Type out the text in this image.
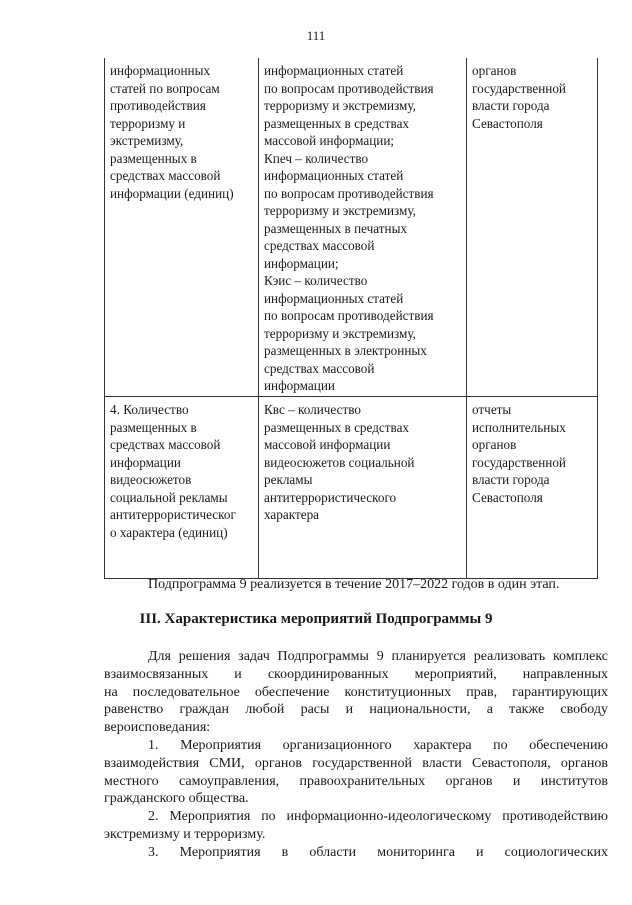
111
информационных
статей по вопросам
противодействия
терроризму и
экстремизму,
размещенных в
средствах массовой
информации (единиц)
информационных статей
по вопросам противодействия
терроризму и экстремизму,
размещенных в средствах
массовой информации;
Кпеч – количество
информационных статей
по вопросам противодействия
терроризму и экстремизму,
размещенных в печатных
средствах массовой
информации;
Кэис – количество
информационных статей
по вопросам противодействия
терроризму и экстремизму,
размещенных в электронных
средствах массовой
информации
органов
государственной
власти города
Севастополя
4. Количество
размещенных в
средствах массовой
информации
видеосюжетов
социальной рекламы
антитеррористическог
о характера (единиц)
Квс – количество
размещенных в средствах
массовой информации
видеосюжетов социальной
рекламы
антитеррористического
характера
отчеты
исполнительных
органов
государственной
власти города
Севастополя
Подпрограмма 9 реализуется в течение 2017–2022 годов в один этап.
III. Характеристика мероприятий Подпрограммы 9
Для решения задач Подпрограммы 9 планируется реализовать комплекс
взаимосвязанных и скоординированных мероприятий, направленных
на последовательное обеспечение конституционных прав, гарантирующих
равенство граждан любой расы и национальности, а также свободу
вероисповедания:
1. Мероприятия организационного характера по обеспечению
взаимодействия СМИ, органов государственной власти Севастополя, органов
местного самоуправления, правоохранительных органов и институтов
гражданского общества.
2. Мероприятия по информационно-идеологическому противодействию
экстремизму и терроризму.
3. Мероприятия в области мониторинга и социологических
